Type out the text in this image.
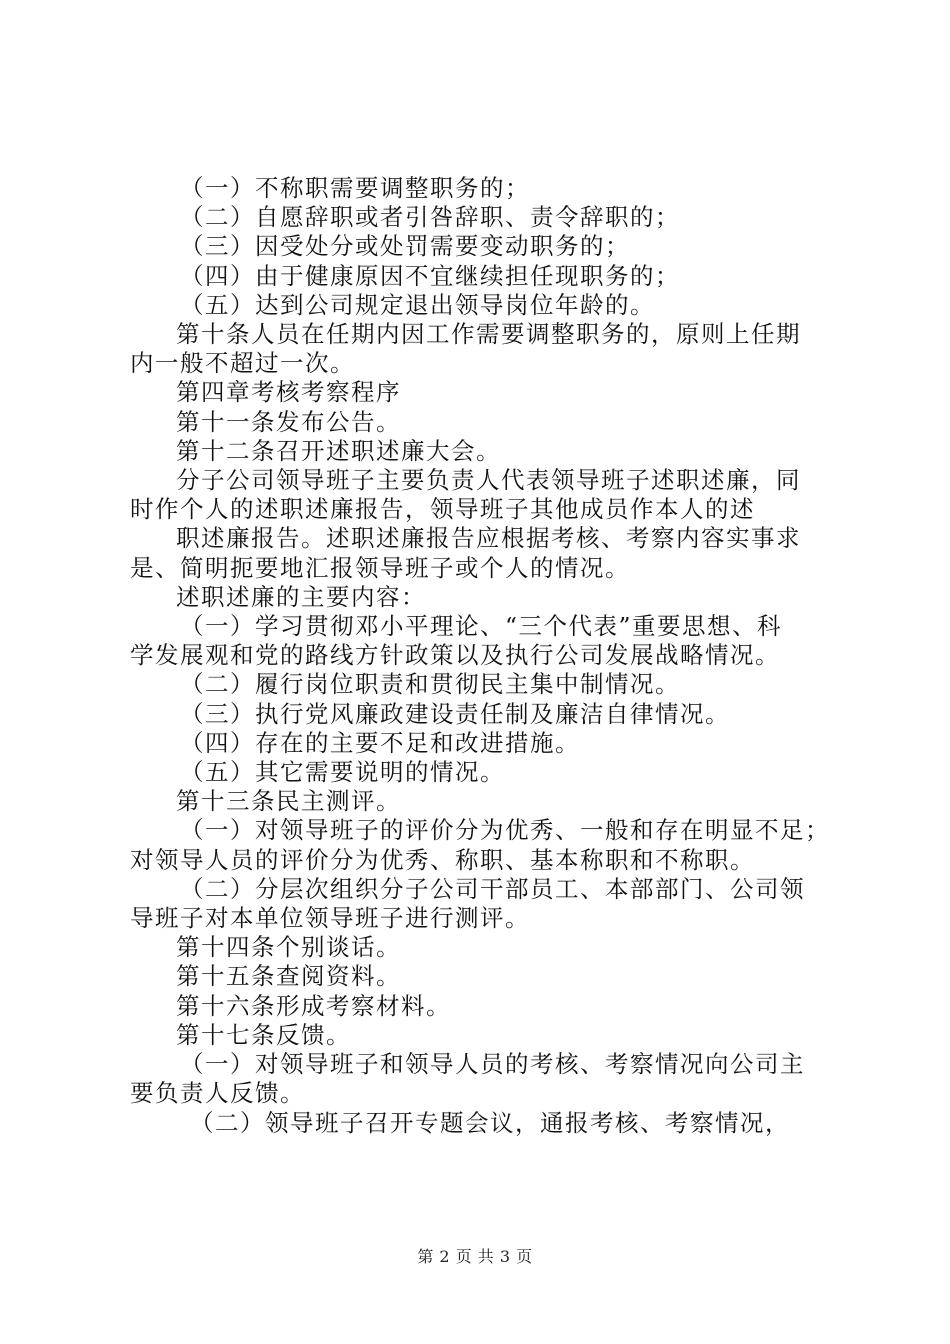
（一）不称职需要调整职务的；

（二）自愿辞职或者引咎辞职、责令辞职的；

（三）因受处分或处罚需要变动职务的；

（四）由于健康原因不宜继续担任现职务的；

（五）达到公司规定退出领导岗位年龄的。

第十条人员在任期内因工作需要调整职务的，原则上任期

内一般不超过一次。

第四章考核考察程序

第十一条发布公告。

第十二条召开述职述廉大会。

分子公司领导班子主要负责人代表领导班子述职述廉，同

时作个人的述职述廉报告，领导班子其他成员作本人的述

职述廉报告。述职述廉报告应根据考核、考察内容实事求

是、简明扼要地汇报领导班子或个人的情况。

述职述廉的主要内容：

（一）学习贯彻邓小平理论、“三个代表”重要思想、科

学发展观和党的路线方针政策以及执行公司发展战略情况。

（二）履行岗位职责和贯彻民主集中制情况。

（三）执行党风廉政建设责任制及廉洁自律情况。

（四）存在的主要不足和改进措施。

（五）其它需要说明的情况。

第十三条民主测评。

（一）对领导班子的评价分为优秀、一般和存在明显不足；

对领导人员的评价分为优秀、称职、基本称职和不称职。

（二）分层次组织分子公司干部员工、本部部门、公司领

导班子对本单位领导班子进行测评。

第十四条个别谈话。

第十五条查阅资料。

第十六条形成考察材料。

第十七条反馈。

（一）对领导班子和领导人员的考核、考察情况向公司主

要负责人反馈。

（二）领导班子召开专题会议，通报考核、考察情况，

第 2 页 共 3 页
